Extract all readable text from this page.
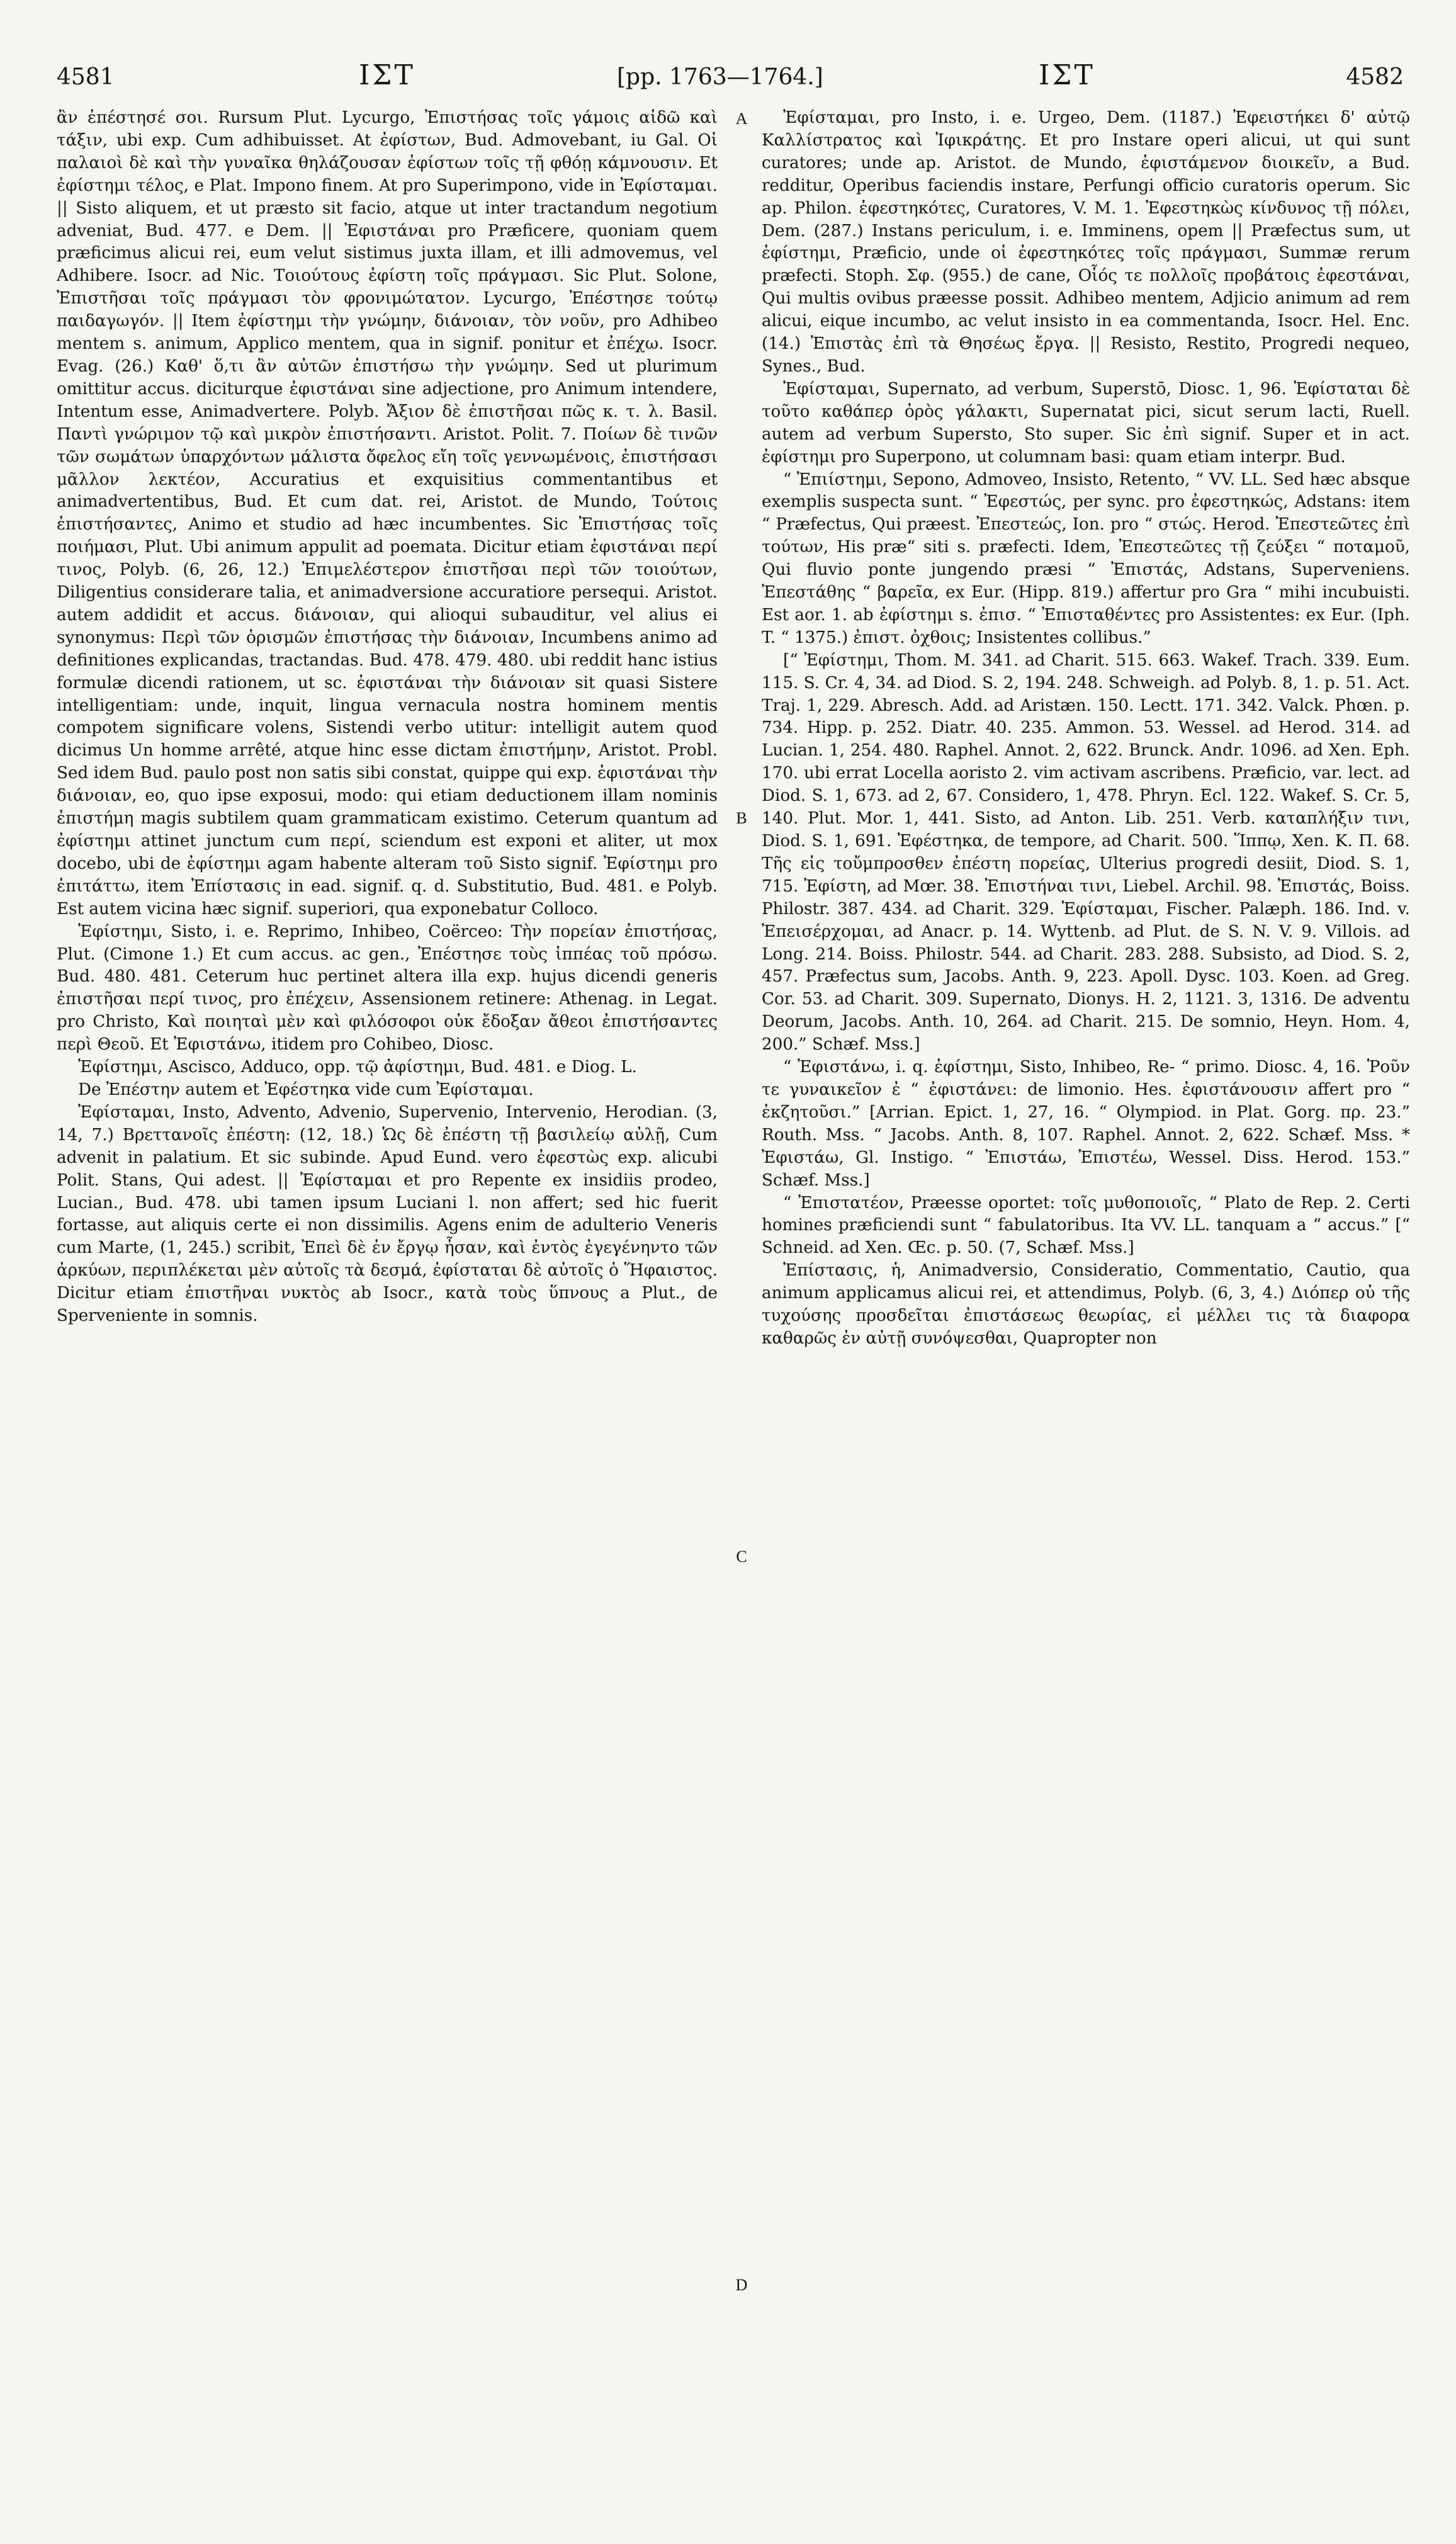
4581	ΙΣΤ	[pp. 1763—1764.]	ΙΣΤ	4582

ἂν ἐπέστησέ σοι. Rursum Plut. Lycurgo, Ἐπιστήσας τοῖς γάμοις αἰδῶ καὶ τάξιν, ubi exp. Cum adhibuisset. At ἐφίστων, Bud. Admovebant, iu Gal. Οἱ παλαιοὶ δὲ καὶ τὴν γυναῖκα θηλάζουσαν ἐφίστων τοῖς τῇ φθόῃ κάμνουσιν. Et ἐφίστημι τέλος, e Plat. Impono finem. At pro Superimpono, vide in Ἐφίσταμαι. || Sisto aliquem, et ut præsto sit facio, atque ut inter tractandum negotium adveniat, Bud. 477. e Dem. || Ἐφιστάναι pro Præficere, quoniam quem præficimus alicui rei, eum velut sistimus juxta illam, et illi admovemus, vel Adhibere. Isocr. ad Nic. Τοιούτους ἐφίστη τοῖς πράγμασι. Sic Plut. Solone, Ἐπιστῆσαι τοῖς πράγμασι τὸν φρονιμώτατον. Lycurgo, Ἐπέστησε τούτῳ παιδαγωγόν. || Item ἐφίστημι τὴν γνώμην, διάνοιαν, τὸν νοῦν, pro Adhibeo mentem s. animum, Applico mentem, qua in signif. ponitur et ἐπέχω. Isocr. Evag. (26.) Καθ' ὅ,τι ἂν αὐτῶν ἐπιστήσω τὴν γνώμην. Sed ut plurimum omittitur accus. diciturque ἐφιστάναι sine adjectione, pro Animum intendere, Intentum esse, Animadvertere. Polyb. Ἄξιον δὲ ἐπιστῆσαι πῶς κ. τ. λ. Basil. Παντὶ γνώριμον τῷ καὶ μικρὸν ἐπιστήσαντι. Aristot. Polit. 7. Ποίων δὲ τινῶν τῶν σωμάτων ὑπαρχόντων μάλιστα ὄφελος εἴη τοῖς γεννωμένοις, ἐπιστήσασι μᾶλλον λεκτέον, Accuratius et exquisitius commentantibus et animadvertentibus, Bud. Et cum dat. rei, Aristot. de Mundo, Τούτοις ἐπιστήσαντες, Animo et studio ad hæc incumbentes. Sic Ἐπιστήσας τοῖς ποιήμασι, Plut. Ubi animum appulit ad poemata. Dicitur etiam ἐφιστάναι περί τινος, Polyb. (6, 26, 12.) Ἐπιμελέστερον ἐπιστῆσαι περὶ τῶν τοιούτων, Diligentius considerare talia, et animadversione accuratiore persequi. Aristot. autem addidit et accus. διάνοιαν, qui alioqui subauditur, vel alius ei synonymus: Περὶ τῶν ὁρισμῶν ἐπιστήσας τὴν διάνοιαν, Incumbens animo ad definitiones explicandas, tractandas. Bud. 478. 479. 480. ubi reddit hanc istius formulæ dicendi rationem, ut sc. ἐφιστάναι τὴν διάνοιαν sit quasi Sistere intelligentiam: unde, inquit, lingua vernacula nostra hominem mentis compotem significare volens, Sistendi verbo utitur: intelligit autem quod dicimus Un homme arrêté, atque hinc esse dictam ἐπιστήμην, Aristot. Probl. Sed idem Bud. paulo post non satis sibi constat, quippe qui exp. ἐφιστάναι τὴν διάνοιαν, eo, quo ipse exposui, modo: qui etiam deductionem illam nominis ἐπιστήμη magis subtilem quam grammaticam existimo. Ceterum quantum ad ἐφίστημι attinet junctum cum περί, sciendum est exponi et aliter, ut mox docebo, ubi de ἐφίστημι agam habente alteram τοῦ Sisto signif. Ἐφίστημι pro ἐπιτάττω, item Ἐπίστασις in ead. signif. q. d. Substitutio, Bud. 481. e Polyb. Est autem vicina hæc signif. superiori, qua exponebatur Colloco.

Ἐφίστημι, Sisto, i. e. Reprimo, Inhibeo, Coërceo: Τὴν πορείαν ἐπιστήσας, Plut. (Cimone 1.) Et cum accus. ac gen., Ἐπέστησε τοὺς ἱππέας τοῦ πρόσω. Bud. 480. 481. Ceterum huc pertinet altera illa exp. hujus dicendi generis ἐπιστῆσαι περί τινος, pro ἐπέχειν, Assensionem retinere: Athenag. in Legat. pro Christo, Καὶ ποιηταὶ μὲν καὶ φιλόσοφοι οὐκ ἔδοξαν ἄθεοι ἐπιστήσαντες περὶ Θεοῦ. Et Ἐφιστάνω, itidem pro Cohibeo, Diosc.

Ἐφίστημι, Ascisco, Adduco, opp. τῷ ἀφίστημι, Bud. 481. e Diog. L.

De Ἐπέστην autem et Ἐφέστηκα vide cum Ἐφίσταμαι.

Ἐφίσταμαι, Insto, Advento, Advenio, Supervenio, Intervenio, Herodian. (3, 14, 7.) Βρεττανοῖς ἐπέστη: (12, 18.) Ὡς δὲ ἐπέστη τῇ βασιλείῳ αὐλῇ, Cum advenit in palatium. Et sic subinde. Apud Eund. vero ἐφεστὼς exp. alicubi Polit. Stans, Qui adest. || Ἐφίσταμαι et pro Repente ex insidiis prodeo, Lucian., Bud. 478. ubi tamen ipsum Luciani l. non affert; sed hic fuerit fortasse, aut aliquis certe ei non dissimilis. Agens enim de adulterio Veneris cum Marte, (1, 245.) scribit, Ἐπεὶ δὲ ἐν ἔργῳ ἦσαν, καὶ ἐντὸς ἐγεγένηντο τῶν ἀρκύων, περιπλέκεται μὲν αὐτοῖς τὰ δεσμά, ἐφίσταται δὲ αὐτοῖς ὁ Ἥφαιστος. Dicitur etiam ἐπιστῆναι νυκτὸς ab Isocr., κατὰ τοὺς ὕπνους a Plut., de Sperveniente in somnis.

A
B
C
D

Ἐφίσταμαι, pro Insto, i. e. Urgeo, Dem. (1187.) Ἐφειστήκει δ' αὐτῷ Καλλίστρατος καὶ Ἰφικράτης. Et pro Instare operi alicui, ut qui sunt curatores; unde ap. Aristot. de Mundo, ἐφιστάμενον διοικεῖν, a Bud. redditur, Operibus faciendis instare, Perfungi officio curatoris operum. Sic ap. Philon. ἐφεστηκότες, Curatores, V. M. 1. Ἐφεστηκὼς κίνδυνος τῇ πόλει, Dem. (287.) Instans periculum, i. e. Imminens, opem || Præfectus sum, ut ἐφίστημι, Præficio, unde οἱ ἐφεστηκότες τοῖς πράγμασι, Summæ rerum præfecti. Stoph. Σφ. (955.) de cane, Οἷός τε πολλοῖς προβάτοις ἐφεστάναι, Qui multis ovibus præesse possit. Adhibeo mentem, Adjicio animum ad rem alicui, eique incumbo, ac velut insisto in ea commentanda, Isocr. Hel. Enc. (14.) Ἐπιστὰς ἐπὶ τὰ Θησέως ἔργα. || Resisto, Restito, Progredi nequeo, Synes., Bud.

Ἐφίσταμαι, Supernato, ad verbum, Superstō, Diosc. 1, 96. Ἐφίσταται δὲ τοῦτο καθάπερ ὀρὸς γάλακτι, Supernatat pici, sicut serum lacti, Ruell. autem ad verbum Supersto, Sto super. Sic ἐπὶ signif. Super et in act. ἐφίστημι pro Superpono, ut columnam basi: quam etiam interpr. Bud.

“ Ἐπιίστημι, Sepono, Admoveo, Insisto, Retento, “ VV. LL. Sed hæc absque exemplis suspecta sunt. “ Ἐφεστώς, per sync. pro ἐφεστηκώς, Adstans: item “ Præfectus, Qui præest. Ἐπεστεώς, Ion. pro “ στώς. Herod. Ἐπεστεῶτες ἐπὶ τούτων, His præ“ siti s. præfecti. Idem, Ἐπεστεῶτες τῇ ζεύξει “ ποταμοῦ, Qui fluvio ponte jungendo præsi “ Ἐπιστάς, Adstans, Superveniens. Ἐπεστάθης “ βαρεῖα, ex Eur. (Hipp. 819.) affertur pro Gra “ mihi incubuisti. Est aor. 1. ab ἐφίστημι s. ἐπισ. “ Ἐπισταθέντες pro Assistentes: ex Eur. (Iph. T. “ 1375.) ἐπιστ. ὀχθοις; Insistentes collibus.”

[“ Ἐφίστημι, Thom. M. 341. ad Charit. 515. 663. Wakef. Trach. 339. Eum. 115. S. Cr. 4, 34. ad Diod. S. 2, 194. 248. Schweigh. ad Polyb. 8, 1. p. 51. Act. Traj. 1, 229. Abresch. Add. ad Aristæn. 150. Lectt. 171. 342. Valck. Phœn. p. 734. Hipp. p. 252. Diatr. 40. 235. Ammon. 53. Wessel. ad Herod. 314. ad Lucian. 1, 254. 480. Raphel. Annot. 2, 622. Brunck. Andr. 1096. ad Xen. Eph. 170. ubi errat Locella aoristo 2. vim activam ascribens. Præficio, var. lect. ad Diod. S. 1, 673. ad 2, 67. Considero, 1, 478. Phryn. Ecl. 122. Wakef. S. Cr. 5, 140. Plut. Mor. 1, 441. Sisto, ad Anton. Lib. 251. Verb. καταπλήξιν τινι, Diod. S. 1, 691. Ἐφέστηκα, de tempore, ad Charit. 500. Ἵππῳ, Xen. K. Π. 68. Τῆς εἰς τοὔμπροσθεν ἐπέστη πορείας, Ulterius progredi desiit, Diod. S. 1, 715. Ἐφίστη, ad Mœr. 38. Ἐπιστήναι τινι, Liebel. Archil. 98. Ἐπιστάς, Boiss. Philostr. 387. 434. ad Charit. 329. Ἐφίσταμαι, Fischer. Palæph. 186. Ind. v. Ἐπεισέρχομαι, ad Anacr. p. 14. Wyttenb. ad Plut. de S. N. V. 9. Villois. ad Long. 214. Boiss. Philostr. 544. ad Charit. 283. 288. Subsisto, ad Diod. S. 2, 457. Præfectus sum, Jacobs. Anth. 9, 223. Apoll. Dysc. 103. Koen. ad Greg. Cor. 53. ad Charit. 309. Supernato, Dionys. H. 2, 1121. 3, 1316. De adventu Deorum, Jacobs. Anth. 10, 264. ad Charit. 215. De somnio, Heyn. Hom. 4, 200.” Schæf. Mss.]

“ Ἐφιστάνω, i. q. ἐφίστημι, Sisto, Inhibeo, Re- “ primo. Diosc. 4, 16. Ῥοῦν τε γυναικεῖον ἐ “ ἐφιστάνει: de limonio. Hes. ἐφιστάνουσιν affert pro “ ἐκζητοῦσι.” [Arrian. Epict. 1, 27, 16. “ Olympiod. in Plat. Gorg. πρ. 23.” Routh. Mss. “ Jacobs. Anth. 8, 107. Raphel. Annot. 2, 622. Schæf. Mss. * Ἐφιστάω, Gl. Instigo. “ Ἐπιστάω, Ἐπιστέω, Wessel. Diss. Herod. 153.” Schæf. Mss.]

“ Ἐπιστατέον, Præesse oportet: τοῖς μυθοποιοῖς, “ Plato de Rep. 2. Certi homines præficiendi sunt “ fabulatoribus. Ita VV. LL. tanquam a “ accus.” [“ Schneid. ad Xen. Œc. p. 50. (7, Schæf. Mss.]

Ἐπίστασις, ἡ, Animadversio, Consideratio, Commentatio, Cautio, qua animum applicamus alicui rei, et attendimus, Polyb. (6, 3, 4.) Διόπερ οὐ τῆς τυχούσης προσδεῖται ἐπιστάσεως θεωρίας, εἰ μέλλει τις τὰ διαφορα καθαρῶς ἐν αὐτῇ συνόψεσθαι, Quapropter non
